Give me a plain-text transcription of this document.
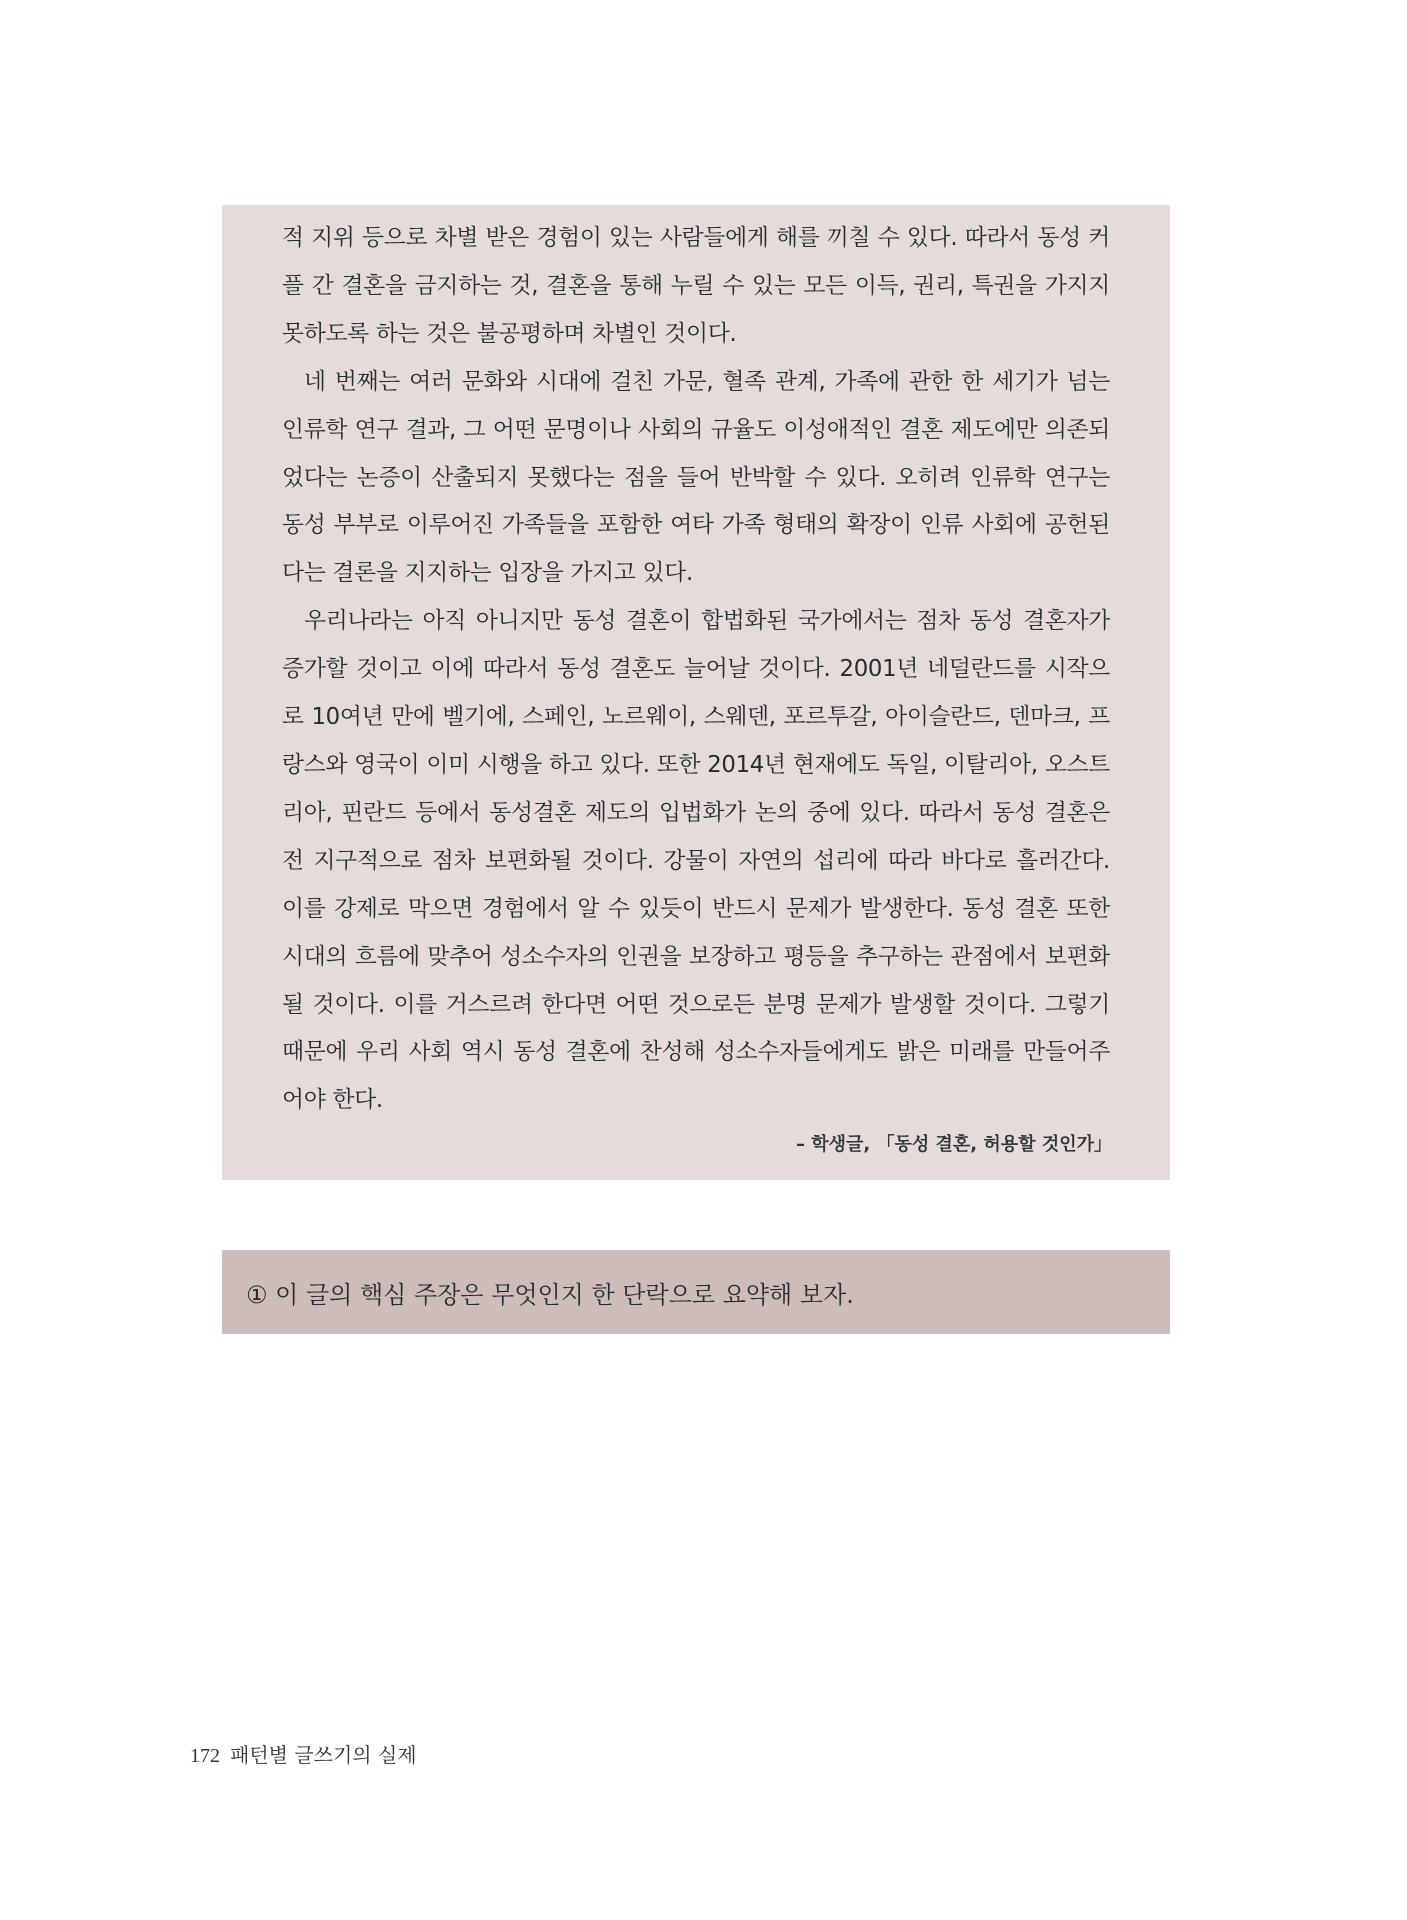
적 지위 등으로 차별 받은 경험이 있는 사람들에게 해를 끼칠 수 있다. 따라서 동성 커플 간 결혼을 금지하는 것, 결혼을 통해 누릴 수 있는 모든 이득, 권리, 특권을 가지지 못하도록 하는 것은 불공평하며 차별인 것이다.

네 번째는 여러 문화와 시대에 걸친 가문, 혈족 관계, 가족에 관한 한 세기가 넘는 인류학 연구 결과, 그 어떤 문명이나 사회의 규율도 이성애적인 결혼 제도에만 의존되었다는 논증이 산출되지 못했다는 점을 들어 반박할 수 있다. 오히려 인류학 연구는 동성 부부로 이루어진 가족들을 포함한 여타 가족 형태의 확장이 인류 사회에 공헌된다는 결론을 지지하는 입장을 가지고 있다.

우리나라는 아직 아니지만 동성 결혼이 합법화된 국가에서는 점차 동성 결혼자가 증가할 것이고 이에 따라서 동성 결혼도 늘어날 것이다. 2001년 네덜란드를 시작으로 10여년 만에 벨기에, 스페인, 노르웨이, 스웨덴, 포르투갈, 아이슬란드, 덴마크, 프랑스와 영국이 이미 시행을 하고 있다. 또한 2014년 현재에도 독일, 이탈리아, 오스트리아, 핀란드 등에서 동성결혼 제도의 입법화가 논의 중에 있다. 따라서 동성 결혼은 전 지구적으로 점차 보편화될 것이다. 강물이 자연의 섭리에 따라 바다로 흘러간다. 이를 강제로 막으면 경험에서 알 수 있듯이 반드시 문제가 발생한다. 동성 결혼 또한 시대의 흐름에 맞추어 성소수자의 인권을 보장하고 평등을 추구하는 관점에서 보편화 될 것이다. 이를 거스르려 한다면 어떤 것으로든 분명 문제가 발생할 것이다. 그렇기 때문에 우리 사회 역시 동성 결혼에 찬성해 성소수자들에게도 밝은 미래를 만들어주어야 한다.

– 학생글, 「동성 결혼, 허용할 것인가」
① 이 글의 핵심 주장은 무엇인지 한 단락으로 요약해 보자.
172 패턴별 글쓰기의 실제
